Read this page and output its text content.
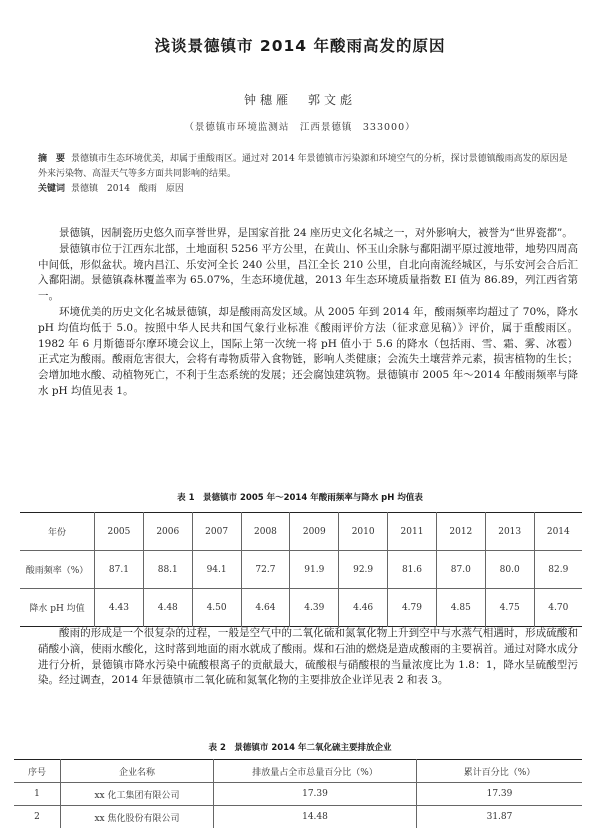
浅谈景德镇市 2014 年酸雨高发的原因
钟穗雁　郭文彪
（景德镇市环境监测站　江西景德镇　333000）
摘　要 景德镇市生态环境优美，却属于重酸雨区。通过对 2014 年景德镇市污染源和环境空气的分析，探讨景德镇酸雨高发的原因是外来污染物、高湿天气等多方面共同影响的结果。
关键词 景德镇　2014　酸雨　原因

景德镇，因制瓷历史悠久而享誉世界，是国家首批 24 座历史文化名城之一，对外影响大，被誉为“世界瓷都”。

景德镇市位于江西东北部，土地面积 5256 平方公里，在黄山、怀玉山余脉与鄱阳湖平原过渡地带，地势四周高中间低，形似盆状。境内昌江、乐安河全长 240 公里，昌江全长 210 公里，自北向南流经城区，与乐安河会合后汇入鄱阳湖。景德镇森林覆盖率为 65.07%，生态环境优越，2013 年生态环境质量指数 EI 值为 86.89，列江西省第一。

环境优美的历史文化名城景德镇，却是酸雨高发区域。从 2005 年到 2014 年，酸雨频率均超过了 70%，降水 pH 均值均低于 5.0。按照中华人民共和国气象行业标准《酸雨评价方法（征求意见稿）》评价，属于重酸雨区。1982 年 6 月斯德哥尔摩环境会议上，国际上第一次统一将 pH 值小于 5.6 的降水（包括雨、雪、霜、雾、冰雹）正式定为酸雨。酸雨危害很大，会将有毒物质带入食物链，影响人类健康；会流失土壤营养元素，损害植物的生长；会增加地水酸、动植物死亡，不利于生态系统的发展；还会腐蚀建筑物。景德镇市 2005 年～2014 年酸雨频率与降水 pH 均值见表 1。

表 1　景德镇市 2005 年～2014 年酸雨频率与降水 pH 均值表
年份	2005	2006	2007	2008	2009	2010	2011	2012	2013	2014
酸雨频率（%）	87.1	88.1	94.1	72.7	91.9	92.9	81.6	87.0	80.0	82.9
降水 pH 均值	4.43	4.48	4.50	4.64	4.39	4.46	4.79	4.85	4.75	4.70

酸雨的形成是一个很复杂的过程，一般是空气中的二氧化硫和氮氧化物上升到空中与水蒸气相遇时，形成硫酸和硝酸小滴，使雨水酸化，这时落到地面的雨水就成了酸雨。煤和石油的燃烧是造成酸雨的主要祸首。通过对降水成分进行分析，景德镇市降水污染中硫酸根离子的贡献最大，硫酸根与硝酸根的当量浓度比为 1.8：1，降水呈硫酸型污染。经过调查，2014 年景德镇市二氧化硫和氮氧化物的主要排放企业详见表 2 和表 3。

表 2　景德镇市 2014 年二氧化硫主要排放企业
序号	企业名称	排放量占全市总量百分比（%）	累计百分比（%）
1	xx 化工集团有限公司	17.39	17.39
2	xx 焦化股份有限公司	14.48	31.87
